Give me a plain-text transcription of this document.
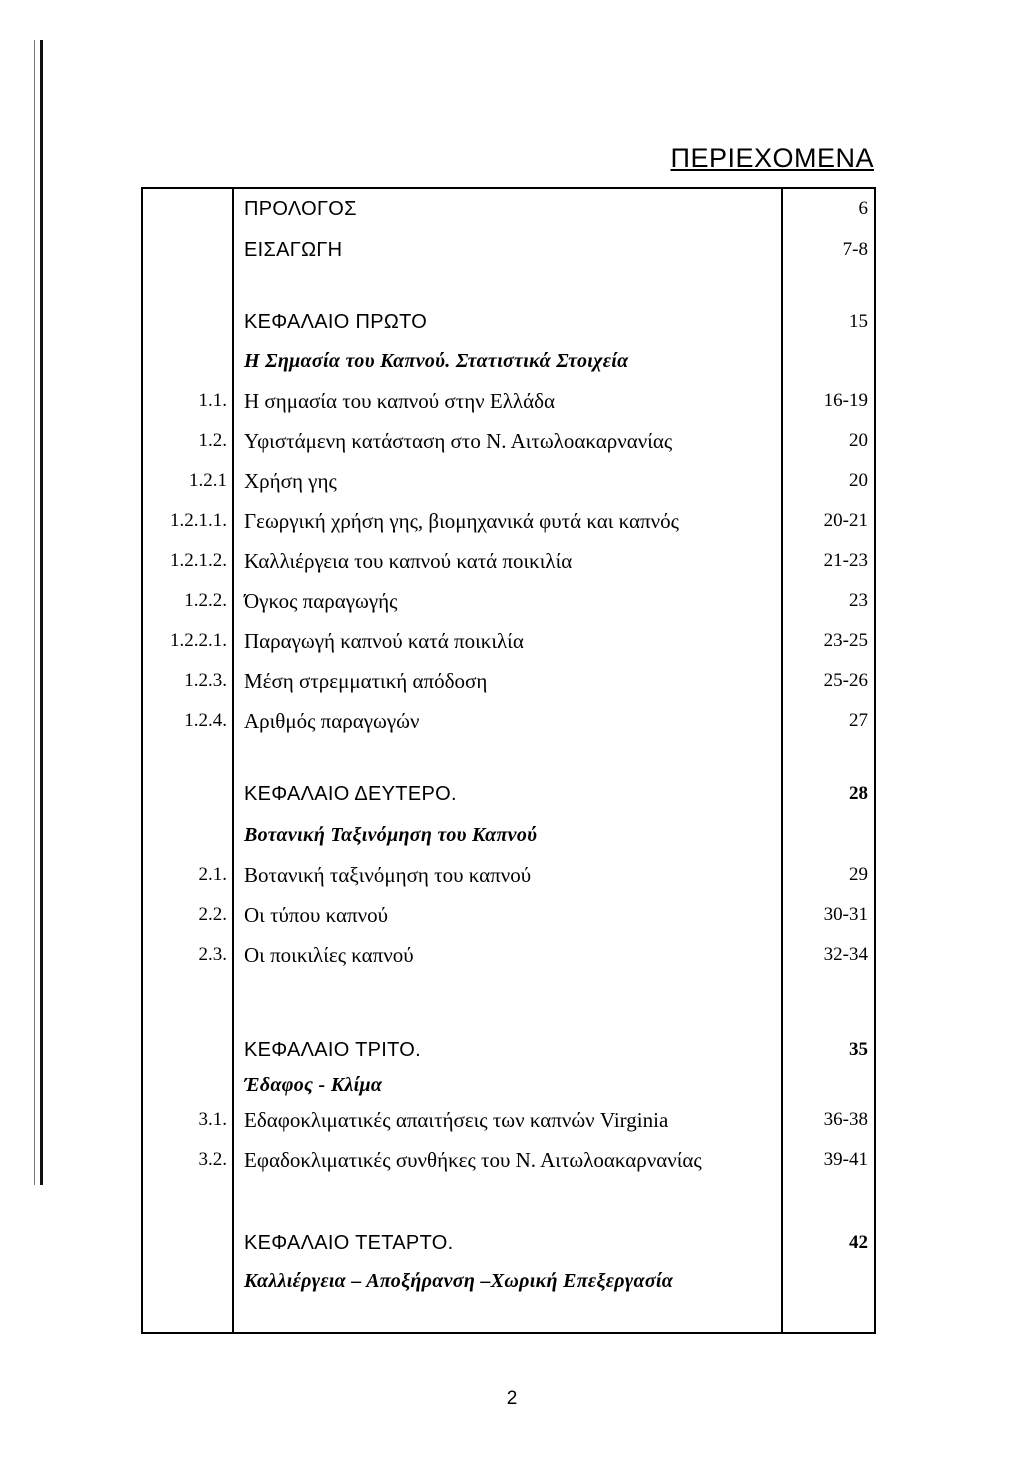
ΠΕΡΙΕΧΟΜΕΝΑ
ΠΡΟΛΟΓΟΣ	6
ΕΙΣΑΓΩΓΗ	7-8
ΚΕΦΑΛΑΙΟ ΠΡΩΤΟ	15
Η Σημασία του Καπνού. Στατιστικά Στοιχεία
1.1. Η σημασία του καπνού στην Ελλάδα	16-19
1.2. Υφιστάμενη κατάσταση στο Ν. Αιτωλοακαρνανίας	20
1.2.1 Χρήση γης	20
1.2.1.1. Γεωργική χρήση γης, βιομηχανικά φυτά και καπνός	20-21
1.2.1.2. Καλλιέργεια του καπνού κατά ποικιλία	21-23
1.2.2. Όγκος παραγωγής	23
1.2.2.1. Παραγωγή καπνού κατά ποικιλία	23-25
1.2.3. Μέση στρεμματική απόδοση	25-26
1.2.4. Αριθμός παραγωγών	27
ΚΕΦΑΛΑΙΟ ΔΕΥΤΕΡΟ.	28
Βοτανική Ταξινόμηση του Καπνού
2.1. Βοτανική ταξινόμηση του καπνού	29
2.2. Οι τύπου καπνού	30-31
2.3. Οι ποικιλίες καπνού	32-34
ΚΕΦΑΛΑΙΟ ΤΡΙΤΟ.	35
Έδαφος - Κλίμα
3.1. Εδαφοκλιματικές απαιτήσεις των καπνών Virginia	36-38
3.2. Εφαδοκλιματικές συνθήκες του Ν. Αιτωλοακαρνανίας	39-41
ΚΕΦΑΛΑΙΟ ΤΕΤΑΡΤΟ.	42
Καλλιέργεια – Αποξήρανση –Χωρική Επεξεργασία
2
